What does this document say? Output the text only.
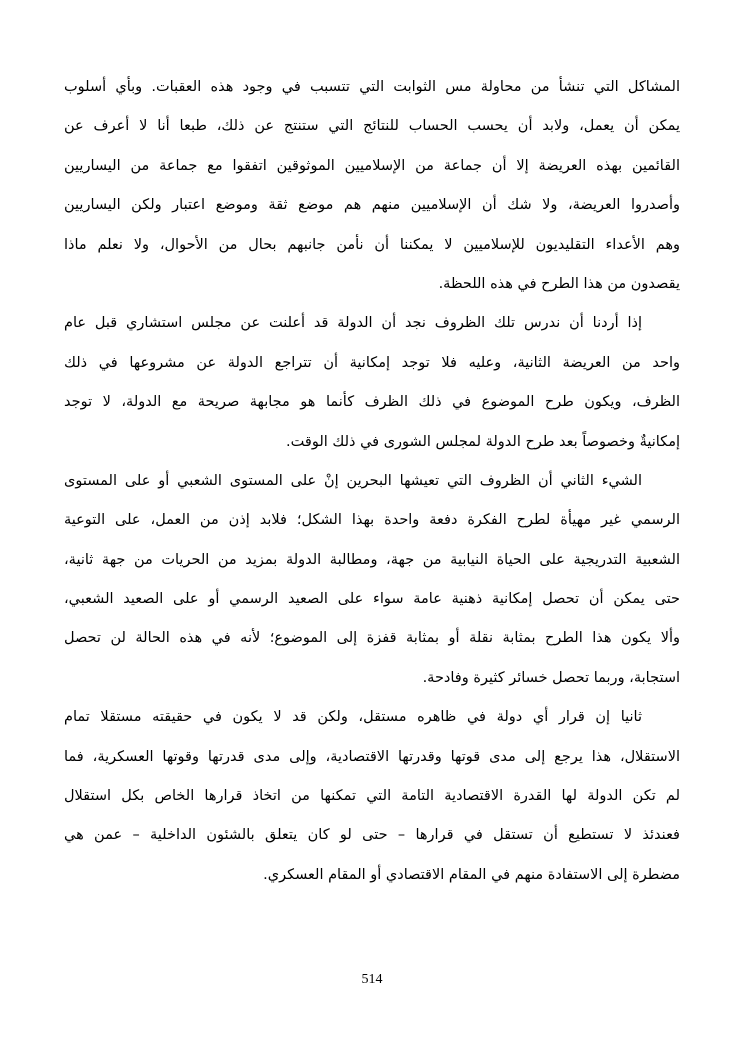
المشاكل التي تنشأ من محاولة مس الثوابت التي تتسبب في وجود هذه العقبات. وبأي أسلوب
يمكن أن يعمل، ولابد أن يحسب الحساب للنتائج التي ستنتج عن ذلك، طبعا أنا لا أعرف عن
القائمين بهذه العريضة إلا أن جماعة من الإسلاميين الموثوقين اتفقوا مع جماعة من اليساريين
وأصدروا العريضة، ولا شك أن الإسلاميين منهم هم موضع ثقة وموضع اعتبار ولكن اليساريين
وهم الأعداء التقليديون للإسلاميين لا يمكننا أن نأمن جانبهم بحال من الأحوال، ولا نعلم ماذا
يقصدون من هذا الطرح في هذه اللحظة.
إذا أردنا أن ندرس تلك الظروف نجد أن الدولة قد أعلنت عن مجلس استشاري قبل عام
واحد من العريضة الثانية، وعليه فلا توجد إمكانية أن تتراجع الدولة عن مشروعها في ذلك
الظرف، ويكون طرح الموضوع في ذلك الظرف كأنما هو مجابهة صريحة مع الدولة، لا توجد
إمكانيةٌ وخصوصاً بعد طرح الدولة لمجلس الشورى في ذلك الوقت.
الشيء الثاني أن الظروف التي تعيشها البحرين إنْ على المستوى الشعبي أو على المستوى
الرسمي غير مهيأة لطرح الفكرة دفعة واحدة بهذا الشكل؛ فلابد إذن من العمل، على التوعية
الشعبية التدريجية على الحياة النيابية من جهة، ومطالبة الدولة بمزيد من الحريات من جهة ثانية،
حتى يمكن أن تحصل إمكانية ذهنية عامة سواء على الصعيد الرسمي أو على الصعيد الشعبي،
وألا يكون هذا الطرح بمثابة نقلة أو بمثابة قفزة إلى الموضوع؛ لأنه في هذه الحالة لن تحصل
استجابة، وربما تحصل خسائر كثيرة وفادحة.
ثانيا إن قرار أي دولة في ظاهره مستقل، ولكن قد لا يكون في حقيقته مستقلا تمام
الاستقلال، هذا يرجع إلى مدى قوتها وقدرتها الاقتصادية، وإلى مدى قدرتها وقوتها العسكرية، فما
لم تكن الدولة لها القدرة الاقتصادية التامة التي تمكنها من اتخاذ قرارها الخاص بكل استقلال
فعندئذ لا تستطيع أن تستقل في قرارها – حتى لو كان يتعلق بالشئون الداخلية – عمن هي
مضطرة إلى الاستفادة منهم في المقام الاقتصادي أو المقام العسكري.
514
